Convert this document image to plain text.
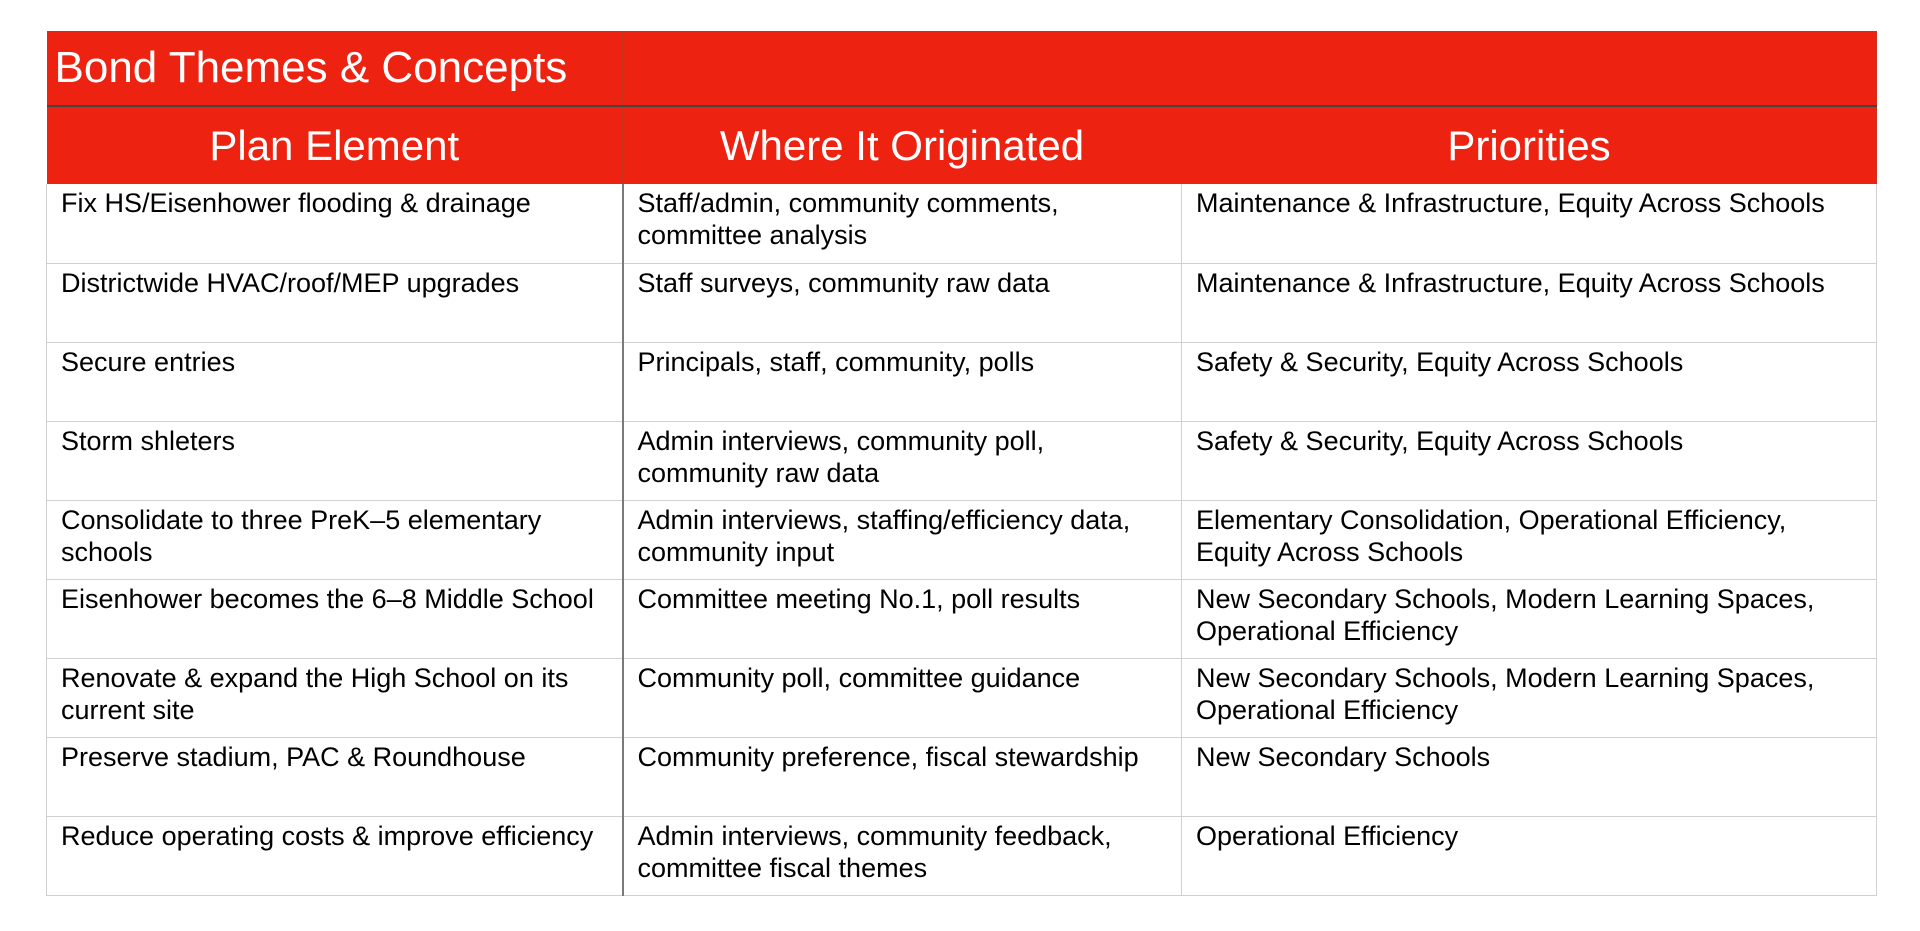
Bond Themes & Concepts		
Plan Element	Where It Originated	Priorities
Fix HS/Eisenhower flooding & drainage	Staff/admin, community comments, committee analysis	Maintenance & Infrastructure, Equity Across Schools
Districtwide HVAC/roof/MEP upgrades	Staff surveys, community raw data	Maintenance & Infrastructure, Equity Across Schools
Secure entries	Principals, staff, community, polls	Safety & Security, Equity Across Schools
Storm shleters	Admin interviews, community poll, community raw data	Safety & Security, Equity Across Schools
Consolidate to three PreK–5 elementary schools	Admin interviews, staffing/efficiency data, community input	Elementary Consolidation, Operational Efficiency, Equity Across Schools
Eisenhower becomes the 6–8 Middle School	Committee meeting No.1, poll results	New Secondary Schools, Modern Learning Spaces, Operational Efficiency
Renovate & expand the High School on its current site	Community poll, committee guidance	New Secondary Schools, Modern Learning Spaces, Operational Efficiency
Preserve stadium, PAC & Roundhouse	Community preference, fiscal stewardship	New Secondary Schools
Reduce operating costs & improve efficiency	Admin interviews, community feedback, committee fiscal themes	Operational Efficiency
